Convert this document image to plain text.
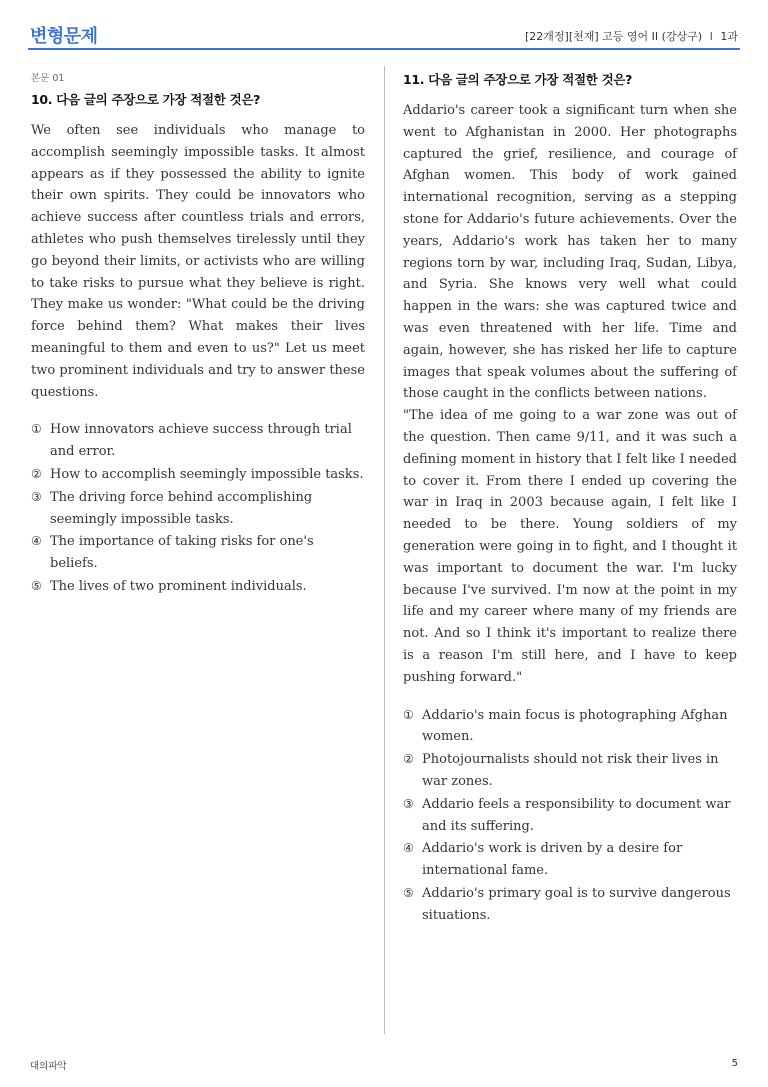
변형문제	[22개정][천재] 고등 영어 II (강상구) I 1과
본문 01
10. 다음 글의 주장으로 가장 적절한 것은?

We often see individuals who manage to accomplish seemingly impossible tasks. It almost appears as if they possessed the ability to ignite their own spirits. They could be innovators who achieve success after countless trials and errors, athletes who push themselves tirelessly until they go beyond their limits, or activists who are willing to take risks to pursue what they believe is right. They make us wonder: "What could be the driving force behind them? What makes their lives meaningful to them and even to us?" Let us meet two prominent individuals and try to answer these questions.

① How innovators achieve success through trial and error.
② How to accomplish seemingly impossible tasks.
③ The driving force behind accomplishing seemingly impossible tasks.
④ The importance of taking risks for one's beliefs.
⑤ The lives of two prominent individuals.
11. 다음 글의 주장으로 가장 적절한 것은?

Addario's career took a significant turn when she went to Afghanistan in 2000. Her photographs captured the grief, resilience, and courage of Afghan women. This body of work gained international recognition, serving as a stepping stone for Addario's future achievements. Over the years, Addario's work has taken her to many regions torn by war, including Iraq, Sudan, Libya, and Syria. She knows very well what could happen in the wars: she was captured twice and was even threatened with her life. Time and again, however, she has risked her life to capture images that speak volumes about the suffering of those caught in the conflicts between nations.

"The idea of me going to a war zone was out of the question. Then came 9/11, and it was such a defining moment in history that I felt like I needed to cover it. From there I ended up covering the war in Iraq in 2003 because again, I felt like I needed to be there. Young soldiers of my generation were going in to fight, and I thought it was important to document the war. I'm lucky because I've survived. I'm now at the point in my life and my career where many of my friends are not. And so I think it's important to realize there is a reason I'm still here, and I have to keep pushing forward."

① Addario's main focus is photographing Afghan women.
② Photojournalists should not risk their lives in war zones.
③ Addario feels a responsibility to document war and its suffering.
④ Addario's work is driven by a desire for international fame.
⑤ Addario's primary goal is to survive dangerous situations.
대의파악	5
